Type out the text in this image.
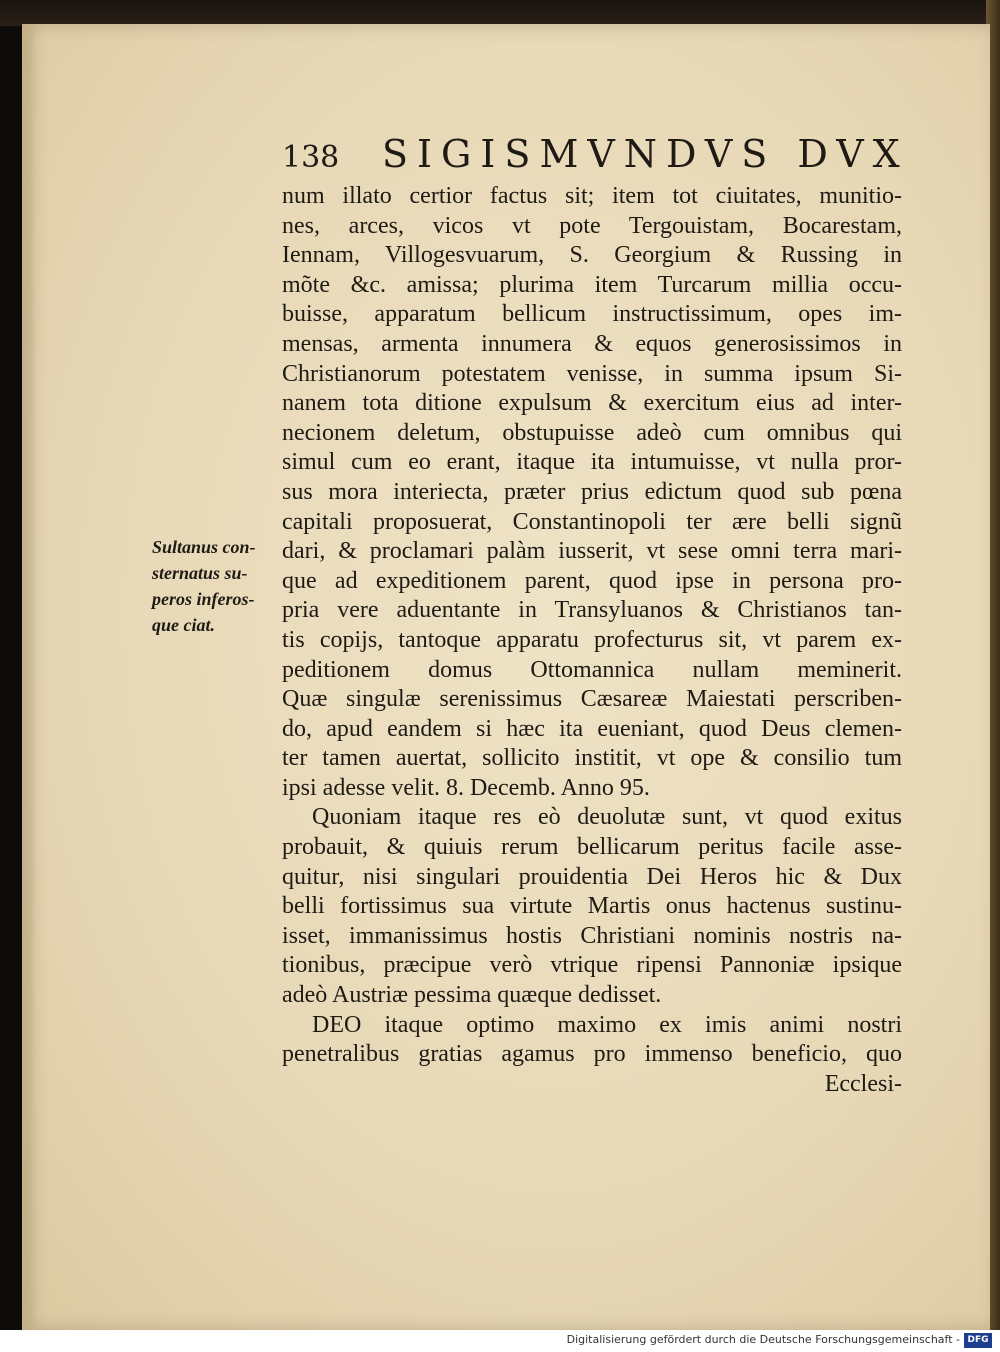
138 SIGISMVNDVS DVX
Sultanus con-
sternatus su-
peros inferos-
que ciat.
num illato certior factus sit; item tot ciuitates, munitio-
nes, arces, vicos vt pote Tergouistam, Bocarestam,
Iennam, Villogesvuarum, S. Georgium & Russing in
mõte &c. amissa; plurima item Turcarum millia occu-
buisse, apparatum bellicum instructissimum, opes im-
mensas, armenta innumera & equos generosissimos in
Christianorum potestatem venisse, in summa ipsum Si-
nanem tota ditione expulsum & exercitum eius ad inter-
necionem deletum, obstupuisse adeò cum omnibus qui
simul cum eo erant, itaque ita intumuisse, vt nulla pror-
sus mora interiecta, præter prius edictum quod sub pœna
capitali proposuerat, Constantinopoli ter ære belli signũ
dari, & proclamari palàm iusserit, vt sese omni terra mari-
que ad expeditionem parent, quod ipse in persona pro-
pria vere aduentante in Transyluanos & Christianos tan-
tis copijs, tantoque apparatu profecturus sit, vt parem ex-
peditionem domus Ottomannica nullam meminerit.
Quæ singulæ serenissimus Cæsareæ Maiestati perscriben-
do, apud eandem si hæc ita eueniant, quod Deus clemen-
ter tamen auertat, sollicito institit, vt ope & consilio tum
ipsi adesse velit. 8. Decemb. Anno 95.
Quoniam itaque res eò deuolutæ sunt, vt quod exitus
probauit, & quiuis rerum bellicarum peritus facile asse-
quitur, nisi singulari prouidentia Dei Heros hic & Dux
belli fortissimus sua virtute Martis onus hactenus sustinu-
isset, immanissimus hostis Christiani nominis nostris na-
tionibus, præcipue verò vtrique ripensi Pannoniæ ipsique
adeò Austriæ pessima quæque dedisset.
DEO itaque optimo maximo ex imis animi nostri
penetralibus gratias agamus pro immenso beneficio, quo
Ecclesi-
Digitalisierung gefördert durch die Deutsche Forschungsgemeinschaft - DFG
